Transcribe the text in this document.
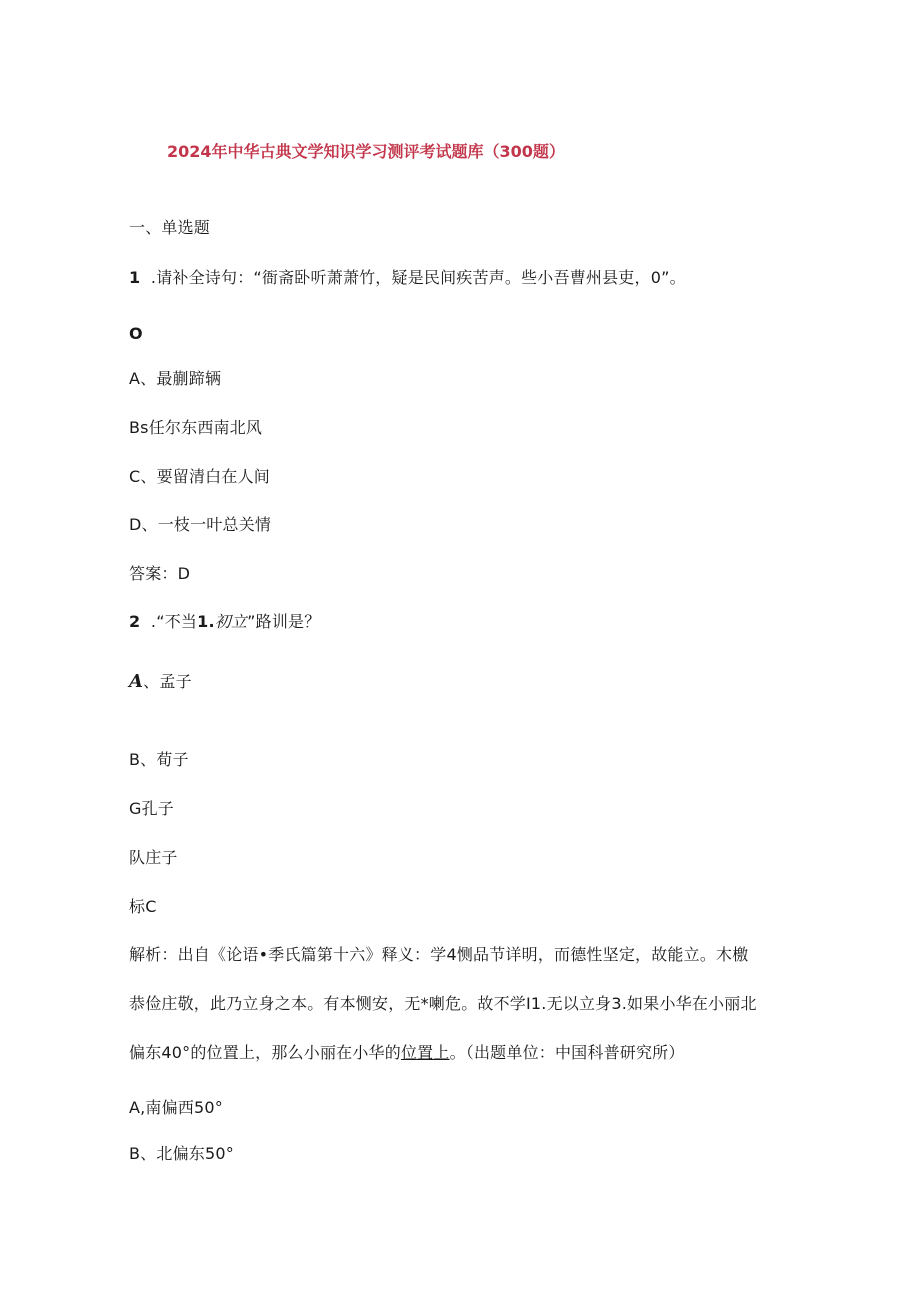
2024年中华古典文学知识学习测评考试题库（300题）
一、单选题
1 .请补全诗句：“衙斋卧听萧萧竹，疑是民间疾苦声。些小吾曹州县吏，0”。
O
A、最蒯蹄辆
Bs任尔东西南北风
C、要留清白在人间
D、一枝一叶总关情
答案：D
2 .“不当1.初立”路训是？
A、孟子
B、荀子
G孔子
队庄子
标C
解析：出自《论语•季氏篇第十六》释义：学4恻品节详明，而德性坚定，故能立。木檄
恭俭庄敬，此乃立身之本。有本恻安，无*喇危。故不学I1.无以立身3.如果小华在小丽北
偏东40°的位置上，那么小丽在小华的位置上。（出题单位：中国科普研究所）
A,南偏西50°
B、北偏东50°
